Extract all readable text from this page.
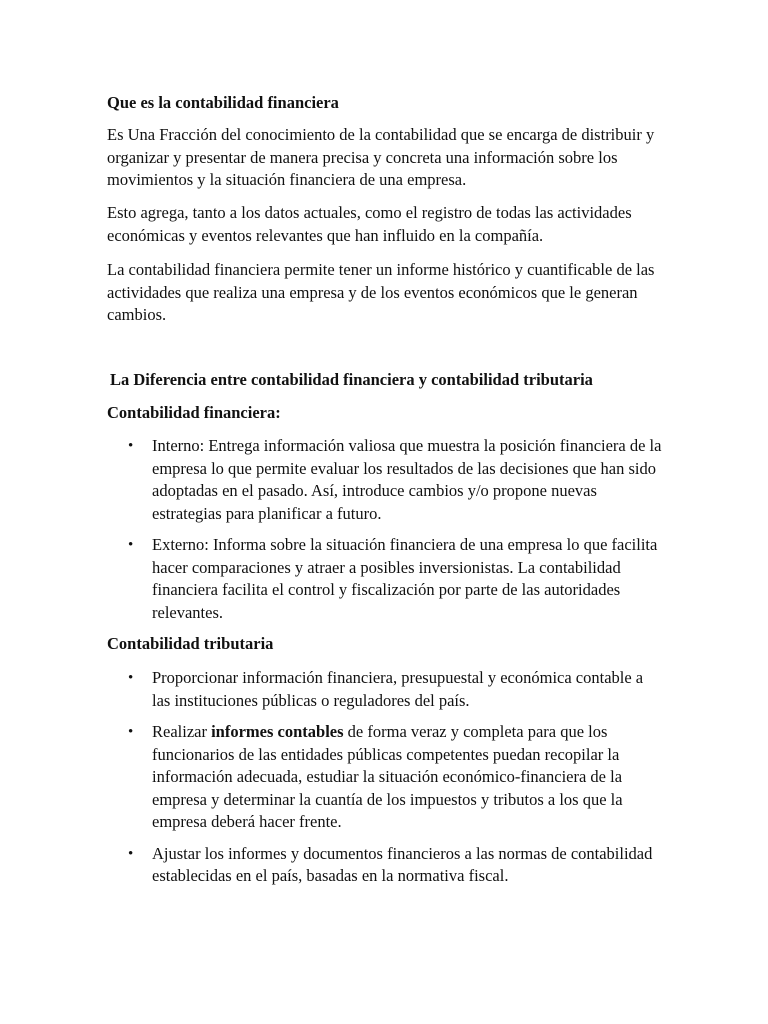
Que es la contabilidad financiera

Es Una Fracción del conocimiento de la contabilidad que se encarga de distribuir y organizar y presentar de manera precisa y concreta una información sobre los movimientos y la situación financiera de una empresa.

Esto agrega, tanto a los datos actuales, como el registro de todas las actividades económicas y eventos relevantes que han influido en la compañía.

La contabilidad financiera permite tener un informe histórico y cuantificable de las actividades que realiza una empresa y de los eventos económicos que le generan cambios.

La Diferencia entre contabilidad financiera y contabilidad tributaria

Contabilidad financiera:

• Interno: Entrega información valiosa que muestra la posición financiera de la empresa lo que permite evaluar los resultados de las decisiones que han sido adoptadas en el pasado. Así, introduce cambios y/o propone nuevas estrategias para planificar a futuro.
• Externo: Informa sobre la situación financiera de una empresa lo que facilita hacer comparaciones y atraer a posibles inversionistas. La contabilidad financiera facilita el control y fiscalización por parte de las autoridades relevantes.

Contabilidad tributaria

• Proporcionar información financiera, presupuestal y económica contable a las instituciones públicas o reguladores del país.
• Realizar informes contables de forma veraz y completa para que los funcionarios de las entidades públicas competentes puedan recopilar la información adecuada, estudiar la situación económico-financiera de la empresa y determinar la cuantía de los impuestos y tributos a los que la empresa deberá hacer frente.
• Ajustar los informes y documentos financieros a las normas de contabilidad establecidas en el país, basadas en la normativa fiscal.
